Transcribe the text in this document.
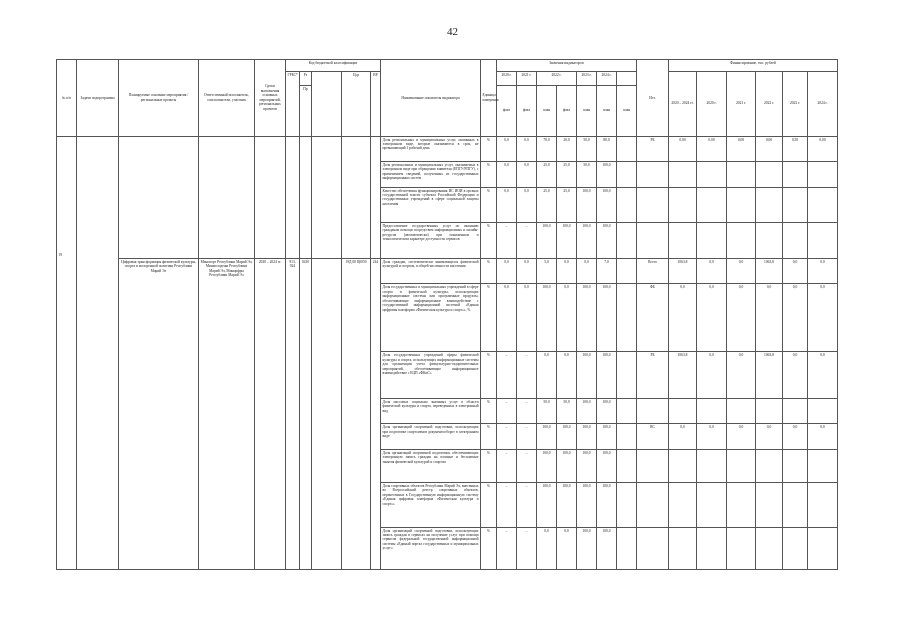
42
№ п/п	Задачи подпрограммы	Планируемые основные мероприятия / региональные проекты	Ответственный исполнитель, соисполнители, участник	Сроки выполнения основных мероприятий, региональных проектов	Код бюджетной классификации					Наименование показателя индикатора	Единица измерения	Значения индикаторов							Ист.	Финансирование, тыс. рублей					
					ГРБС*	Рз		Цср	ВР			2020 г.	2021 г.	2022 г.		2023 г.	2024 г.			2020 – 2024 гг.	2020 г.	2021 г.	2022 г.	2023 г.	2024 г.
						Пр						факт	факт	план	факт	план	план	план							

19										Доля региональных и муниципальных услуг, оказанных в электронном виде, которые оказываются в срок, не превышающий 1 рабочий день	%	0,0	0,0	70,0	20,0	50,0	80,0		РБ	0,00	0,00	0,00	0,00	0,50	0,00
										Доля региональных и муниципальных услуг, оказываемых в электронном виде при обращении заявителя (ЕПГУ/РПГУ), с применением сведений, полученных из государственных информационных систем	%	0,0	0,0	25,0	25,0	50,0	100,0								
										Качество обеспечения функционирования ИС ИОИ в органах государственной власти субъекта Российской Федерации и государственных учреждений в сфере социальной защиты населения	%	0,0	0,0	25,0	25,0	100,0	100,0								
										Предоставление государственных услуг по оказанию гражданам помощи посредством информационных и онлайн-ресурсов (автоматически) при пониженном и технологическом характере доступности сервисов	%	–	–	100,0	100,0	100,0	100,0								
		Цифровая трансформация физической культуры, спорта и молодежной политики Республики Марий Эл	Минспорт Республики Марий Эл, Минмолодежи Республики Марий Эл, Минцифры Республики Марий Эл	2020 – 2024 гг.	913, 924	0410		19Д 00 Ц0050	244	Доля граждан, систематически занимающихся физической культурой и спортом, в общей численности населения	%	0,0	0,0	5,0	0,0	0,0	7,0		Всего	1063,8	0,0	0,0	1063,8	0,0	0,0
										Доля государственных и муниципальных учреждений в сфере спорта и физической культуры, использующих информационные системы или программные продукты, обеспечивающие информационное взаимодействие с государственной информационной системой «Единая цифровая платформа «Физическая культура и спорт»», %	%	0,0	0,0	100,0	0,0	100,0	100,0		ФБ	0,0	0,0	0,0	0,0	0,0	0,0
										Доля государственных учреждений сферы физической культуры и спорта, использующих информационные системы для организации учета физкультурно-оздоровительных мероприятий, обеспечивающие информационное взаимодействие с ЕЦП «ФКиС»	%	–	–	0,0	0,0	100,0	100,0		РБ	1063,8	0,0	0,0	1063,8	0,0	0,0
										Доля массовых социально значимых услуг в области физической культуры и спорта, переведенных в электронный вид	%	–	–	50,0	50,0	100,0	100,0								
										Доля организаций спортивной подготовки, использующих при подготовке спортсменов документооборот в электронном виде	%	–	–	100,0	100,0	100,0	100,0		ВС	0,0	0,0	0,0	0,0	0,0	0,0
										Доля организаций спортивной подготовки, обеспечивающих электронную запись граждан на платные и бесплатные занятия физической культурой и спортом	%	–	–	100,0	100,0	100,0	100,0								
										Доля спортивных объектов Республики Марий Эл, внесенных во Всероссийский реестр спортивных объектов, перенесенных в Государственную информационную систему «Единая цифровая платформа «Физическая культура и спорт»»	%	–	–	100,0	100,0	100,0	100,0								
										Доля организаций спортивной подготовки, использующих запись граждан в сервисах на получение услуг при помощи сервисов федеральной государственной информационной системы «Единый портал государственных и муниципальных услуг»	%	–	–	0,0	0,0	100,0	100,0								
